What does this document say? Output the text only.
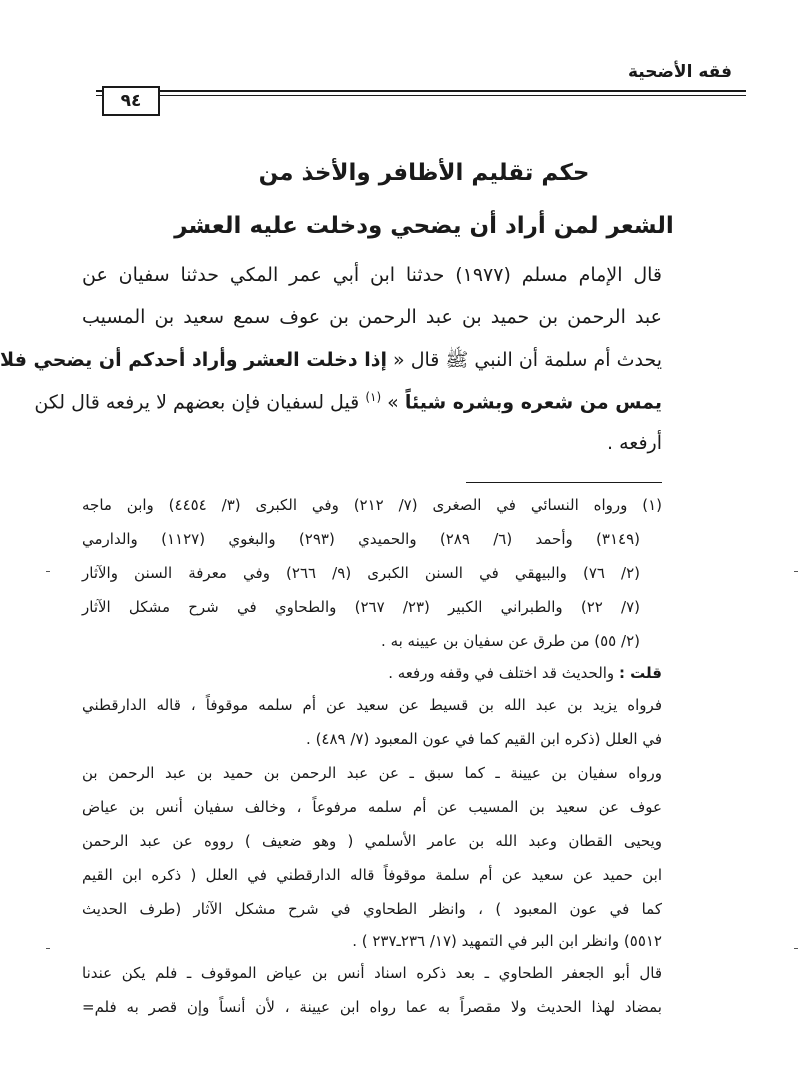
فقه الأضحية
٩٤
حكم تقليم الأظافر والأخذ من
الشعر لمن أراد أن يضحي ودخلت عليه العشر
قال الإمام مسلم (١٩٧٧) حدثنا ابن أبي عمر المكي حدثنا سفيان عن
عبد الرحمن بن حميد بن عبد الرحمن بن عوف سمع سعيد بن المسيب
يحدث أم سلمة أن النبي ﷺ قال « إذا دخلت العشر وأراد أحدكم أن يضحي فلا
يمس من شعره وبشره شيئاً » $^{(١)}$ قيل لسفيان فإن بعضهم لا يرفعه قال لكن
أرفعه .
(١) ورواه النسائي في الصغرى (٧/ ٢١٢) وفي الكبرى (٣/ ٤٤٥٤) وابن ماجه
(٣١٤٩) وأحمد (٦/ ٢٨٩) والحميدي (٢٩٣) والبغوي (١١٢٧) والدارمي
(٢/ ٧٦) والبيهقي في السنن الكبرى (٩/ ٢٦٦) وفي معرفة السنن والآثار
(٧/ ٢٢) والطبراني الكبير (٢٣/ ٢٦٧) والطحاوي في شرح مشكل الآثار
(٢/ ٥٥) من طرق عن سفيان بن عيينه به .
قلت : والحديث قد اختلف في وقفه ورفعه .
فرواه يزيد بن عبد الله بن قسيط عن سعيد عن أم سلمه موقوفاً ، قاله الدارقطني
في العلل (ذكره ابن القيم كما في عون المعبود (٧/ ٤٨٩) .
ورواه سفيان بن عيينة ـ كما سبق ـ عن عبد الرحمن بن حميد بن عبد الرحمن بن
عوف عن سعيد بن المسيب عن أم سلمه مرفوعاً ، وخالف سفيان أنس بن عياض
ويحيى القطان وعبد الله بن عامر الأسلمي ( وهو ضعيف ) رووه عن عبد الرحمن
ابن حميد عن سعيد عن أم سلمة موقوفاً قاله الدارقطني في العلل ( ذكره ابن القيم
كما في عون المعبود ) ، وانظر الطحاوي في شرح مشكل الآثار (طرف الحديث
٥٥١٢) وانظر ابن البر في التمهيد (١٧/ ٢٣٦ـ٢٣٧ ) .
قال أبو الجعفر الطحاوي ـ بعد ذكره اسناد أنس بن عياض الموقوف ـ فلم يكن عندنا
بمضاد لهذا الحديث ولا مقصراً به عما رواه ابن عيينة ، لأن أنساً وإن قصر به فلم=
